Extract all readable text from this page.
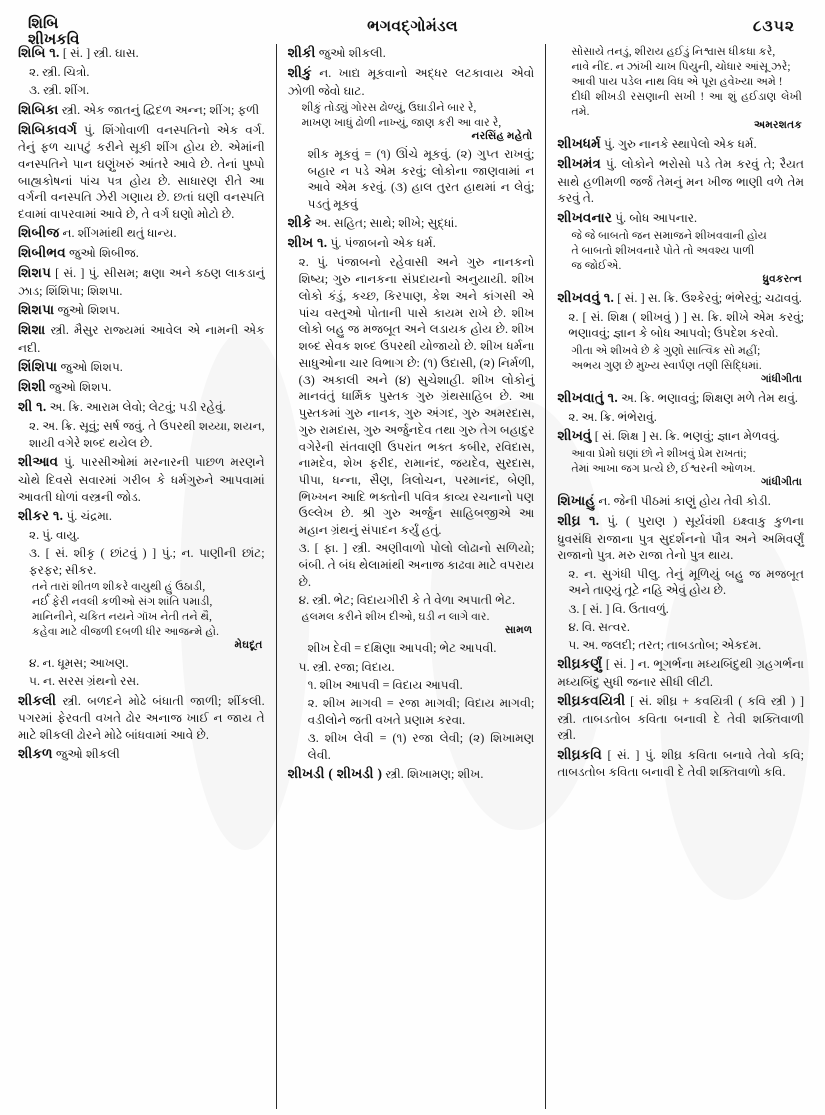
શિબિ
શીખકવિ
ભગવદ્ગોમંડલ	૮૩૫૨
શિબિ ૧. [ સં. ] સ્ત્રી. ઘાસ.
૨. સ્ત્રી. ચિત્રો.
૩. સ્ત્રી. શીંગ.
શિબિકા સ્ત્રી. એક જાતનું દ્વિદળ અન્ન; શીંગ; ફળી
શિબિકાવર્ગ પું. શિંગોવાળી વનસ્પતિનો એક વર્ગ. તેનું ફળ ચાપટું કરીને સૂકી શીંગ હોય છે. એમાંની વનસ્પતિને પાન ઘણુંખરું આંતરે આવે છે. તેનાં પુષ્પો બાહ્યકોષનાં પાંચ પત્ર હોય છે. સાધારણ રીતે આ વર્ગની વનસ્પતિ ઝેરી ગણાય છે. છતાં ઘણી વનસ્પતિ દવામાં વાપરવામાં આવે છે, તે વર્ગ ઘણો મોટો છે.
શિબીજ ન. શીંગમાંથી થતું ધાન્ય.
શિબીભવ જુઓ શિબીજ.
શિશપ [ સં. ] પું. સીસમ; ક્ષણા અને કઠણ લાકડાનું ઝાડ; શિંશિપા; શિશપા.
શિશપા જુઓ શિશપ.
શિશા સ્ત્રી. મૈસુર રાજ્યમાં આવેલ એ નામની એક નદી.
શિંશિપા જુઓ શિશપ.
શિશી જુઓ શિશપ.
શી ૧. અ. ક્રિ. આરામ લેવો; લેટવું; પડી રહેવું.
૨. અ. ક્રિ. સૂવું; સર્ષ જવું. તે ઉપરથી શય્યા, શયન, શાયી વગેરે શબ્દ થયેલ છે.
શીઆવ પું. પારસીઓમાં મરનારની પાછળ મરણને ચોથે દિવસે સવારમાં ગરીબ કે ધર્મગુરુને આપવામાં આવતી ધોળાં વસ્ત્રની જોડ.
શીકર ૧. પું. ચંદ્રમા.
૨. પું. વાયુ.
૩. [ સં. શીકૃ ( છાંટવું ) ] પું.; ન. પાણીની છાંટ; ફરફર; સીકર.
તને તારાં શીતળ શીકરે વાયુથી હું ઉઠાડી,
નર્ઈ ફેરી નવલી કળીઓ સંગ શાંતિ પમાડી,
માનિનીને, ચકિત નયને ગૉખ નેતી તને થૈ,
કહેવા માટે વીજળી દબળી ધીર આજન્મે હો.
મેઘદૂત
૪. ન. ધૂમસ; આખણ.
૫. ન. સરસ ગ્રંથનો રસ.
શીકલી સ્ત્રી. બળદને મોઢે બંધાતી જાળી; શીંકલી. પગરમાં ફેરવતી વખતે ઢોર અનાજ ખાઈ ન જાય તે માટે શીકલી ઢોરને મોઢે બાંધવામાં આવે છે.
શીકળ જુઓ શીકલી
શીકી જુઓ શીકલી.
શીકું ન. ખાદ્ય મૂકવાનો અદ્ધર લટકાવાય એવો ઝોળી જેવો ઘાટ.
શીકું તોડ્યું ગોરસ ઢોળ્યું, ઉઘાડીને બાર રે,
માખણ ખાધું ઢોળી નાખ્યું, જાણ કરી આ વાર રે,
નરસિંહ મહેતો
શીક મૂકવું = (૧) ઊંચે મૂકવું. (૨) ગુપ્ત રાખવું; બહાર ન પડે એમ કરવું; લોકોના જાણવામાં ન આવે એમ કરવું. (૩) હાલ તુરત હાથમાં ન લેવું; પડતું મૂકવું
શીકે અ. સહિત; સાથે; શીખે; સુદ્ધાં.
શીખ ૧. પું. પંજાબનો એક ધર્મ.
૨. પું. પંજાબનો રહેવાસી અને ગુરુ નાનકનો શિષ્ય; ગુરુ નાનકના સંપ્રદાયનો અનુયાયી. શીખ લોકો કંડું, કચ્છ, કિરપાણ, કેશ અને કાંગસી એ પાંચ વસ્તુઓ પોતાની પાસે કાયમ રાખે છે. શીખ લોકો બહુ જ મજબૂત અને લડાયક હોય છે. શીખ શબ્દ સેવક શબ્દ ઉપરથી યોજાયો છે. શીખ ધર્મના સાધુઓના ચાર વિભાગ છે: (૧) ઉદાસી, (૨) નિર્મળી, (૩) અકાલી અને (૪) સુચેશાહી. શીખ લોકોનું માનવંતું ધાર્મિક પુસ્તક ગુરુ ગ્રંથસાહિબ છે. આ પુસ્તકમાં ગુરુ નાનક, ગુરુ અંગદ, ગુરુ અમરદાસ, ગુરુ રામદાસ, ગુરુ અર્જુનદેવ તથા ગુરુ તેગ બહાદુર વગેરેની સંતવાણી ઉપરાંત ભક્ત કબીર, રવિદાસ, નામદેવ, શેખ ફરીદ, રામાનંદ, જયદેવ, સુરદાસ, પીપા, ધન્ના, સૈણ, ત્રિલોચન, પરમાનંદ, બેણી, ભિખ્ખન આદિ ભક્તોની પવિત્ર કાવ્ય રચનાનો પણ ઉલ્લેખ છે. શ્રી ગુરુ અર્જુન સાહિબજીએ આ મહાન ગ્રંથનું સંપાદન કર્યું હતું.
૩. [ ફા. ] સ્ત્રી. અણીવાળો પોલો લોઢાનો સળિયો; બંબી. તે બંધ થેલામાંથી અનાજ કાઢવા માટે વપરાય છે.
૪. સ્ત્રી. ભેટ; વિદાયગીરી કે તે વેળા અપાતી ભેટ.
હલમલ કરીને શીખ દીઓ, ઘડી ન લાગે વાર.
સામળ
શીખ દેવી = દક્ષિણા આપવી; ભેટ આપવી.
૫. સ્ત્રી. રજા; વિદાય.
૧. શીખ આપવી = વિદાય આપવી.
૨. શીખ માગવી = રજા માગવી; વિદાય માગવી; વડીલોને જતી વખતે પ્રણામ કરવા.
૩. શીખ લેવી = (૧) રજા લેવી; (૨) શિખામણ લેવી.
શીખડી ( શીખડી ) સ્ત્રી. શિખામણ; શીખ.
સોસાયે તનડું, શીરાય હઈડું નિશ્વાસ ધીકધા કરે,
નાવે નીંદ. ન ઝાંખી ચાખ પિયુની, ચોધાર આંસૂ ઝરે;
આવી પાય પડેલ નાથ વિધ એ પૂરા હવેખ્યા અમે !
દીધી શીખડી રસણાની સખી ! આ શું હઈડાણ લેખી તમે.
અમરશતક
શીખધર્મ પું. ગુરુ નાનકે સ્થાપેલો એક ધર્મ.
શીખમંત્ર પું. લોકોને ભરોસો પડે તેમ કરવું તે; રૈયત સાથે હળીમળી જર્જ તેમનું મન ખીજ ભાણી વળે તેમ કરવું તે.
શીખવનાર પું. બોધ આપનાર.
જે જે બાબતો જન સમાજને શીખવવાની હોય
તે બાબતો શીખવનારે પોતે તો અવશ્ય પાળી
જ જોઈએ.
ધ્રુવકરત્ન
શીખવવું ૧. [ સં. ] સ. ક્રિ. ઉશ્કેરવું; ભંભેરવું; ચઢાવવું.
૨. [ સં. શિક્ષ ( શીખવું ) ] સ. ક્રિ. શીખે એમ કરવું; ભણાવવું; જ્ઞાન કે બોધ આપવો; ઉપદેશ કરવો.
ગીતા એ શીખવે છે કે ગુણો સાત્વિક સો મહીં;
અભય ગુણ છે મુખ્ય સ્વાર્પણ તણી સિદ્ધિમાં.
ગાંધીગીતા
શીખવાતું ૧. અ. ક્રિ. ભણાવવું; શિક્ષણ મળે તેમ થવું.
૨. અ. ક્રિ. ભંભેરાવું.
શીખવું [ સં. શિક્ષ ] સ. ક્રિ. ભણવું; જ્ઞાન મેળવવું.
આવા પ્રેમો ઘણાં છો ને શીખવું પ્રેમ રાખતાં;
તેમાં આખા જગ પ્રત્યે છે, ઈશ્વરની ઓળખ.
ગાંધીગીતા
શિખાહું ન. જેની પીઠમાં કાણું હોય તેવી કોડી.
શીઘ્ર ૧. પું. ( પુરાણ ) સૂર્યવંશી ઇક્ષ્વાકુ કુળના ધ્રુવસંધિ રાજાના પુત્ર સુદર્શનનો પૌત્ર અને અમિવર્ણું રાજાનો પુત્ર. મરુ રાજા તેનો પુત્ર થાય.
૨. ન. સુગંધી પીલુ. તેનું મૂળિયું બહુ જ મજબૂત અને તાણ્યું તૂટે નહિ એવું હોય છે.
૩. [ સં. ] વિ. ઉતાવળું.
૪. વિ. સત્વર.
૫. અ. જલદી; તરત; તાબડતોબ; એકદમ.
શીઘ્રકર્ણું [ સં. ] ન. ભૂગર્ભના મધ્યબિંદુથી ગ્રહગર્ભના મધ્યબિંદુ સુધી જનાર સીધી લીટી.
શીઘ્રકવયિત્રી [ સં. શીઘ્ર + કવયિત્રી ( કવિ સ્ત્રી ) ] સ્ત્રી. તાબડતોબ કવિતા બનાવી દે તેવી શક્તિવાળી સ્ત્રી.
શીઘ્રકવિ [ સં. ] પું. શીઘ્ર કવિતા બનાવે તેવો કવિ; તાબડતોબ કવિતા બનાવી દે તેવી શક્તિવાળો કવિ.
